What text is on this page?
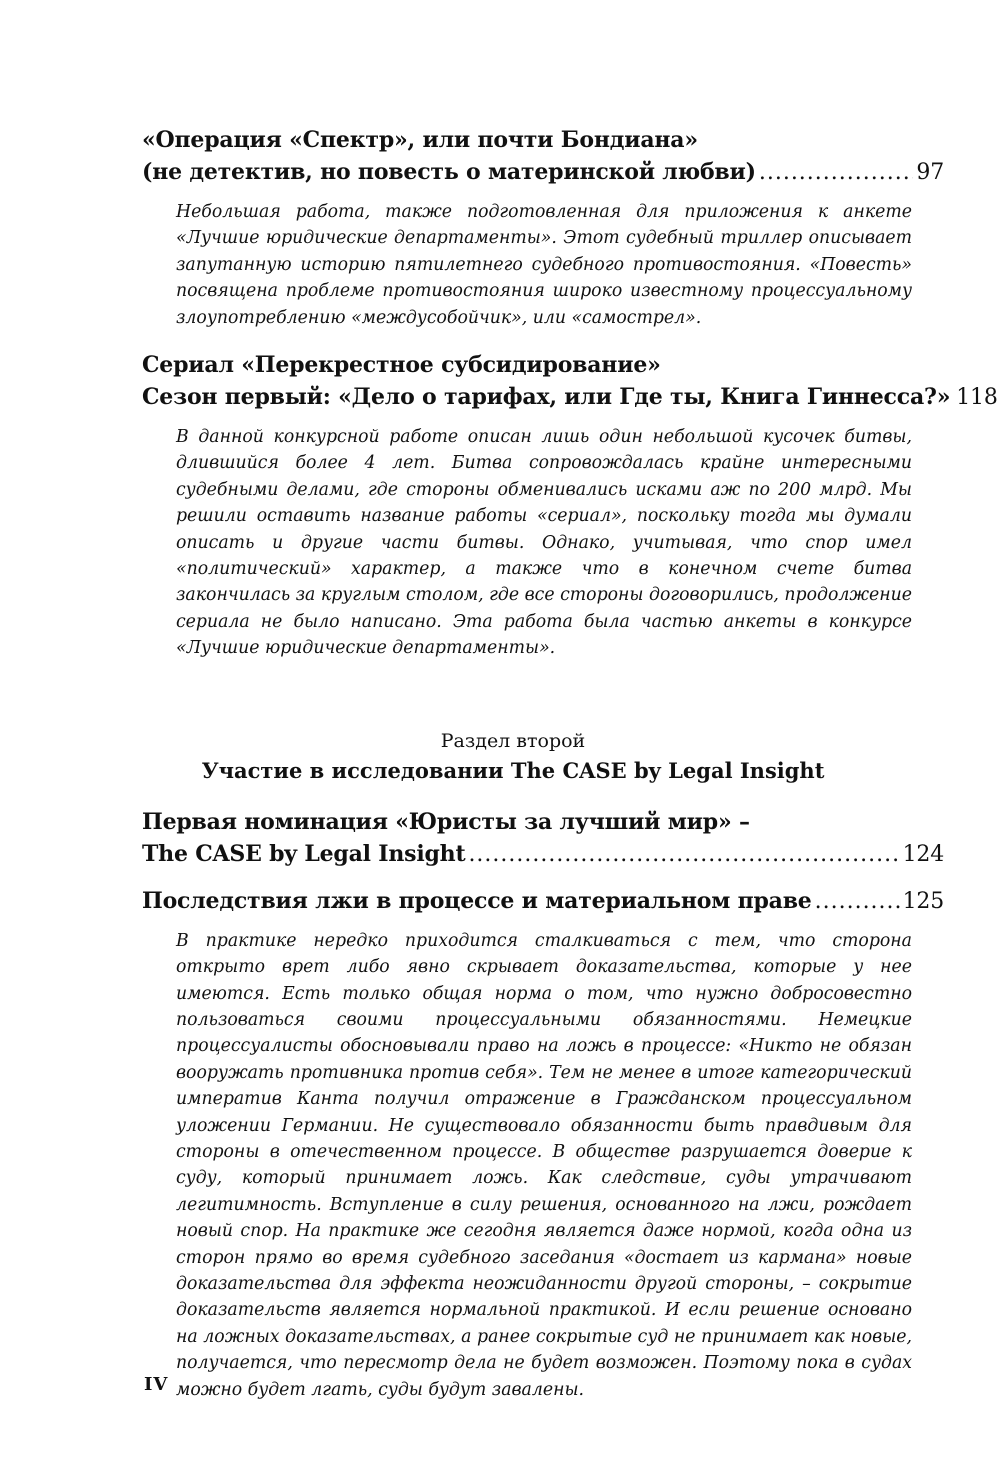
«Операция «Спектр», или почти Бондиана»
(не детектив, но повесть о материнской любви) .....	97
Небольшая работа, также подготовленная для приложения к анкете «Лучшие юридические департаменты». Этот судебный триллер описывает запутанную историю пятилетнего судебного противостояния. «Повесть» посвящена проблеме противостояния широко известному процессуальному злоупотреблению «междусобойчик», или «самострел».
Сериал «Перекрестное субсидирование»
Сезон первый: «Дело о тарифах, или Где ты, Книга Гиннесса?» 118
В данной конкурсной работе описан лишь один небольшой кусочек битвы, длившийся более 4 лет. Битва сопровождалась крайне интересными судебными делами, где стороны обменивались исками аж по 200 млрд. Мы решили оставить название работы «сериал», поскольку тогда мы думали описать и другие части битвы. Однако, учитывая, что спор имел «политический» характер, а также что в конечном счете битва закончилась за круглым столом, где все стороны договорились, продолжение сериала не было написано. Эта работа была частью анкеты в конкурсе «Лучшие юридические департаменты».
Раздел второй
Участие в исследовании The CASE by Legal Insight
Первая номинация «Юристы за лучший мир» –
The CASE by Legal Insight .....	124
Последствия лжи в процессе и материальном праве .....	125
В практике нередко приходится сталкиваться с тем, что сторона открыто врет либо явно скрывает доказательства, которые у нее имеются. Есть только общая норма о том, что нужно добросовестно пользоваться своими процессуальными обязанностями. Немецкие процессуалисты обосновывали право на ложь в процессе: «Никто не обязан вооружать противника против себя». Тем не менее в итоге категорический императив Канта получил отражение в Гражданском процессуальном уложении Германии. Не существовало обязанности быть правдивым для стороны в отечественном процессе. В обществе разрушается доверие к суду, который принимает ложь. Как следствие, суды утрачивают легитимность. Вступление в силу решения, основанного на лжи, рождает новый спор. На практике же сегодня является даже нормой, когда одна из сторон прямо во время судебного заседания «достает из кармана» новые доказательства для эффекта неожиданности другой стороны, – сокрытие доказательств является нормальной практикой. И если решение основано на ложных доказательствах, а ранее сокрытые суд не принимает как новые, получается, что пересмотр дела не будет возможен. Поэтому пока в судах можно будет лгать, суды будут завалены.
IV
